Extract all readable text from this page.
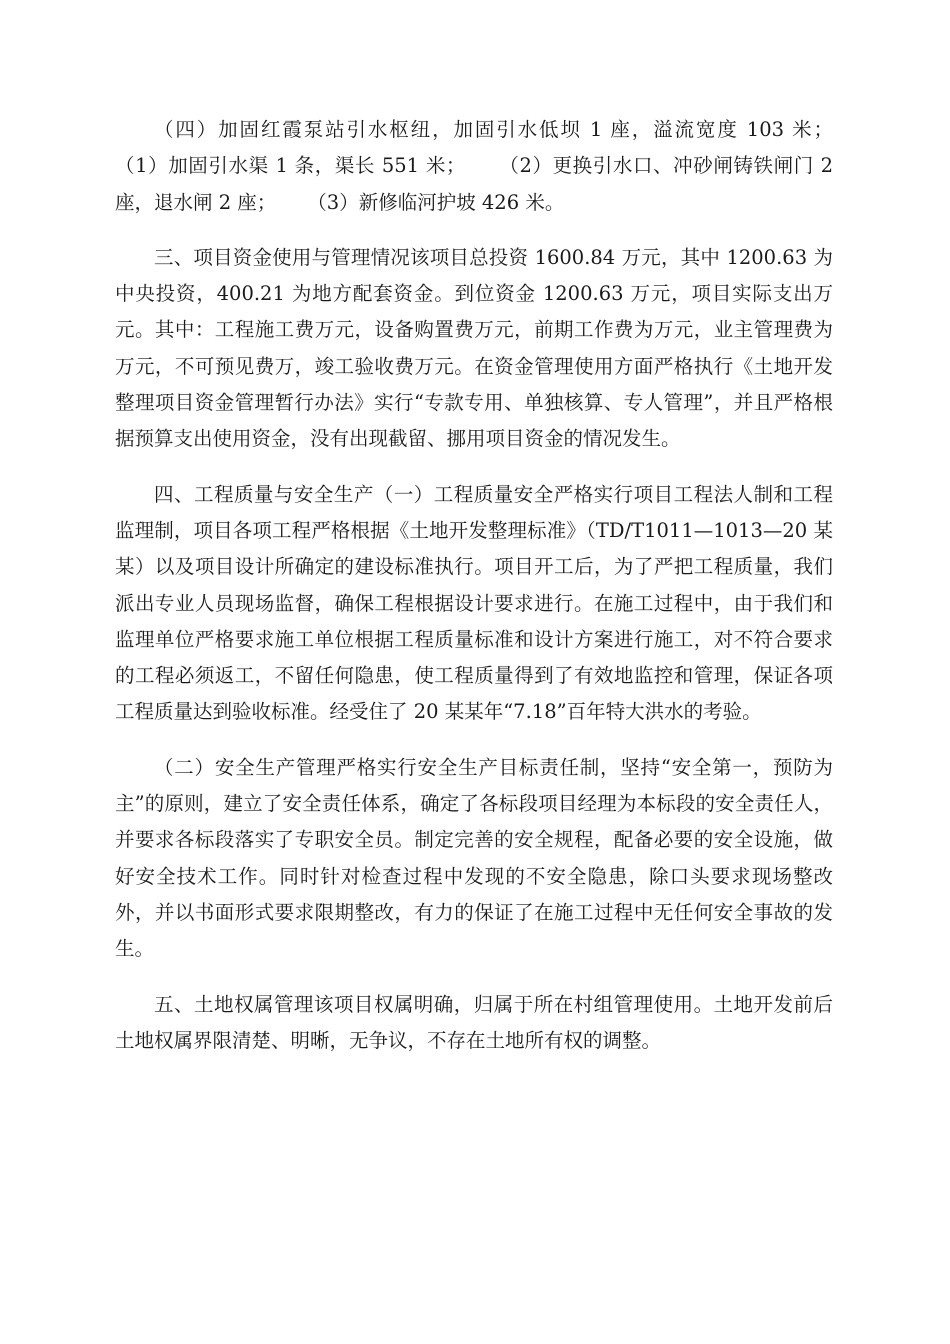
（四）加固红霞泵站引水枢纽，加固引水低坝 1 座，溢流宽度 103 米；   （1）加固引水渠 1 条，渠长 551 米；     （2）更换引水口、冲砂闸铸铁闸门 2 座，退水闸 2 座；     （3）新修临河护坡 426 米。

三、项目资金使用与管理情况该项目总投资 1600.84 万元，其中 1200.63 为中央投资，400.21 为地方配套资金。到位资金 1200.63 万元，项目实际支出万元。其中：工程施工费万元，设备购置费万元，前期工作费为万元，业主管理费为万元，不可预见费万，竣工验收费万元。在资金管理使用方面严格执行《土地开发整理项目资金管理暂行办法》实行“专款专用、单独核算、专人管理”，并且严格根据预算支出使用资金，没有出现截留、挪用项目资金的情况发生。

四、工程质量与安全生产（一）工程质量安全严格实行项目工程法人制和工程监理制，项目各项工程严格根据《土地开发整理标准》（TD/T1011—1013—20 某某）以及项目设计所确定的建设标准执行。项目开工后，为了严把工程质量，我们派出专业人员现场监督，确保工程根据设计要求进行。在施工过程中，由于我们和监理单位严格要求施工单位根据工程质量标准和设计方案进行施工，对不符合要求的工程必须返工，不留任何隐患，使工程质量得到了有效地监控和管理，保证各项工程质量达到验收标准。经受住了 20 某某年“7.18”百年特大洪水的考验。

（二）安全生产管理严格实行安全生产目标责任制，坚持“安全第一，预防为主”的原则，建立了安全责任体系，确定了各标段项目经理为本标段的安全责任人，并要求各标段落实了专职安全员。制定完善的安全规程，配备必要的安全设施，做好安全技术工作。同时针对检查过程中发现的不安全隐患，除口头要求现场整改外，并以书面形式要求限期整改，有力的保证了在施工过程中无任何安全事故的发生。

五、土地权属管理该项目权属明确，归属于所在村组管理使用。土地开发前后土地权属界限清楚、明晰，无争议，不存在土地所有权的调整。
